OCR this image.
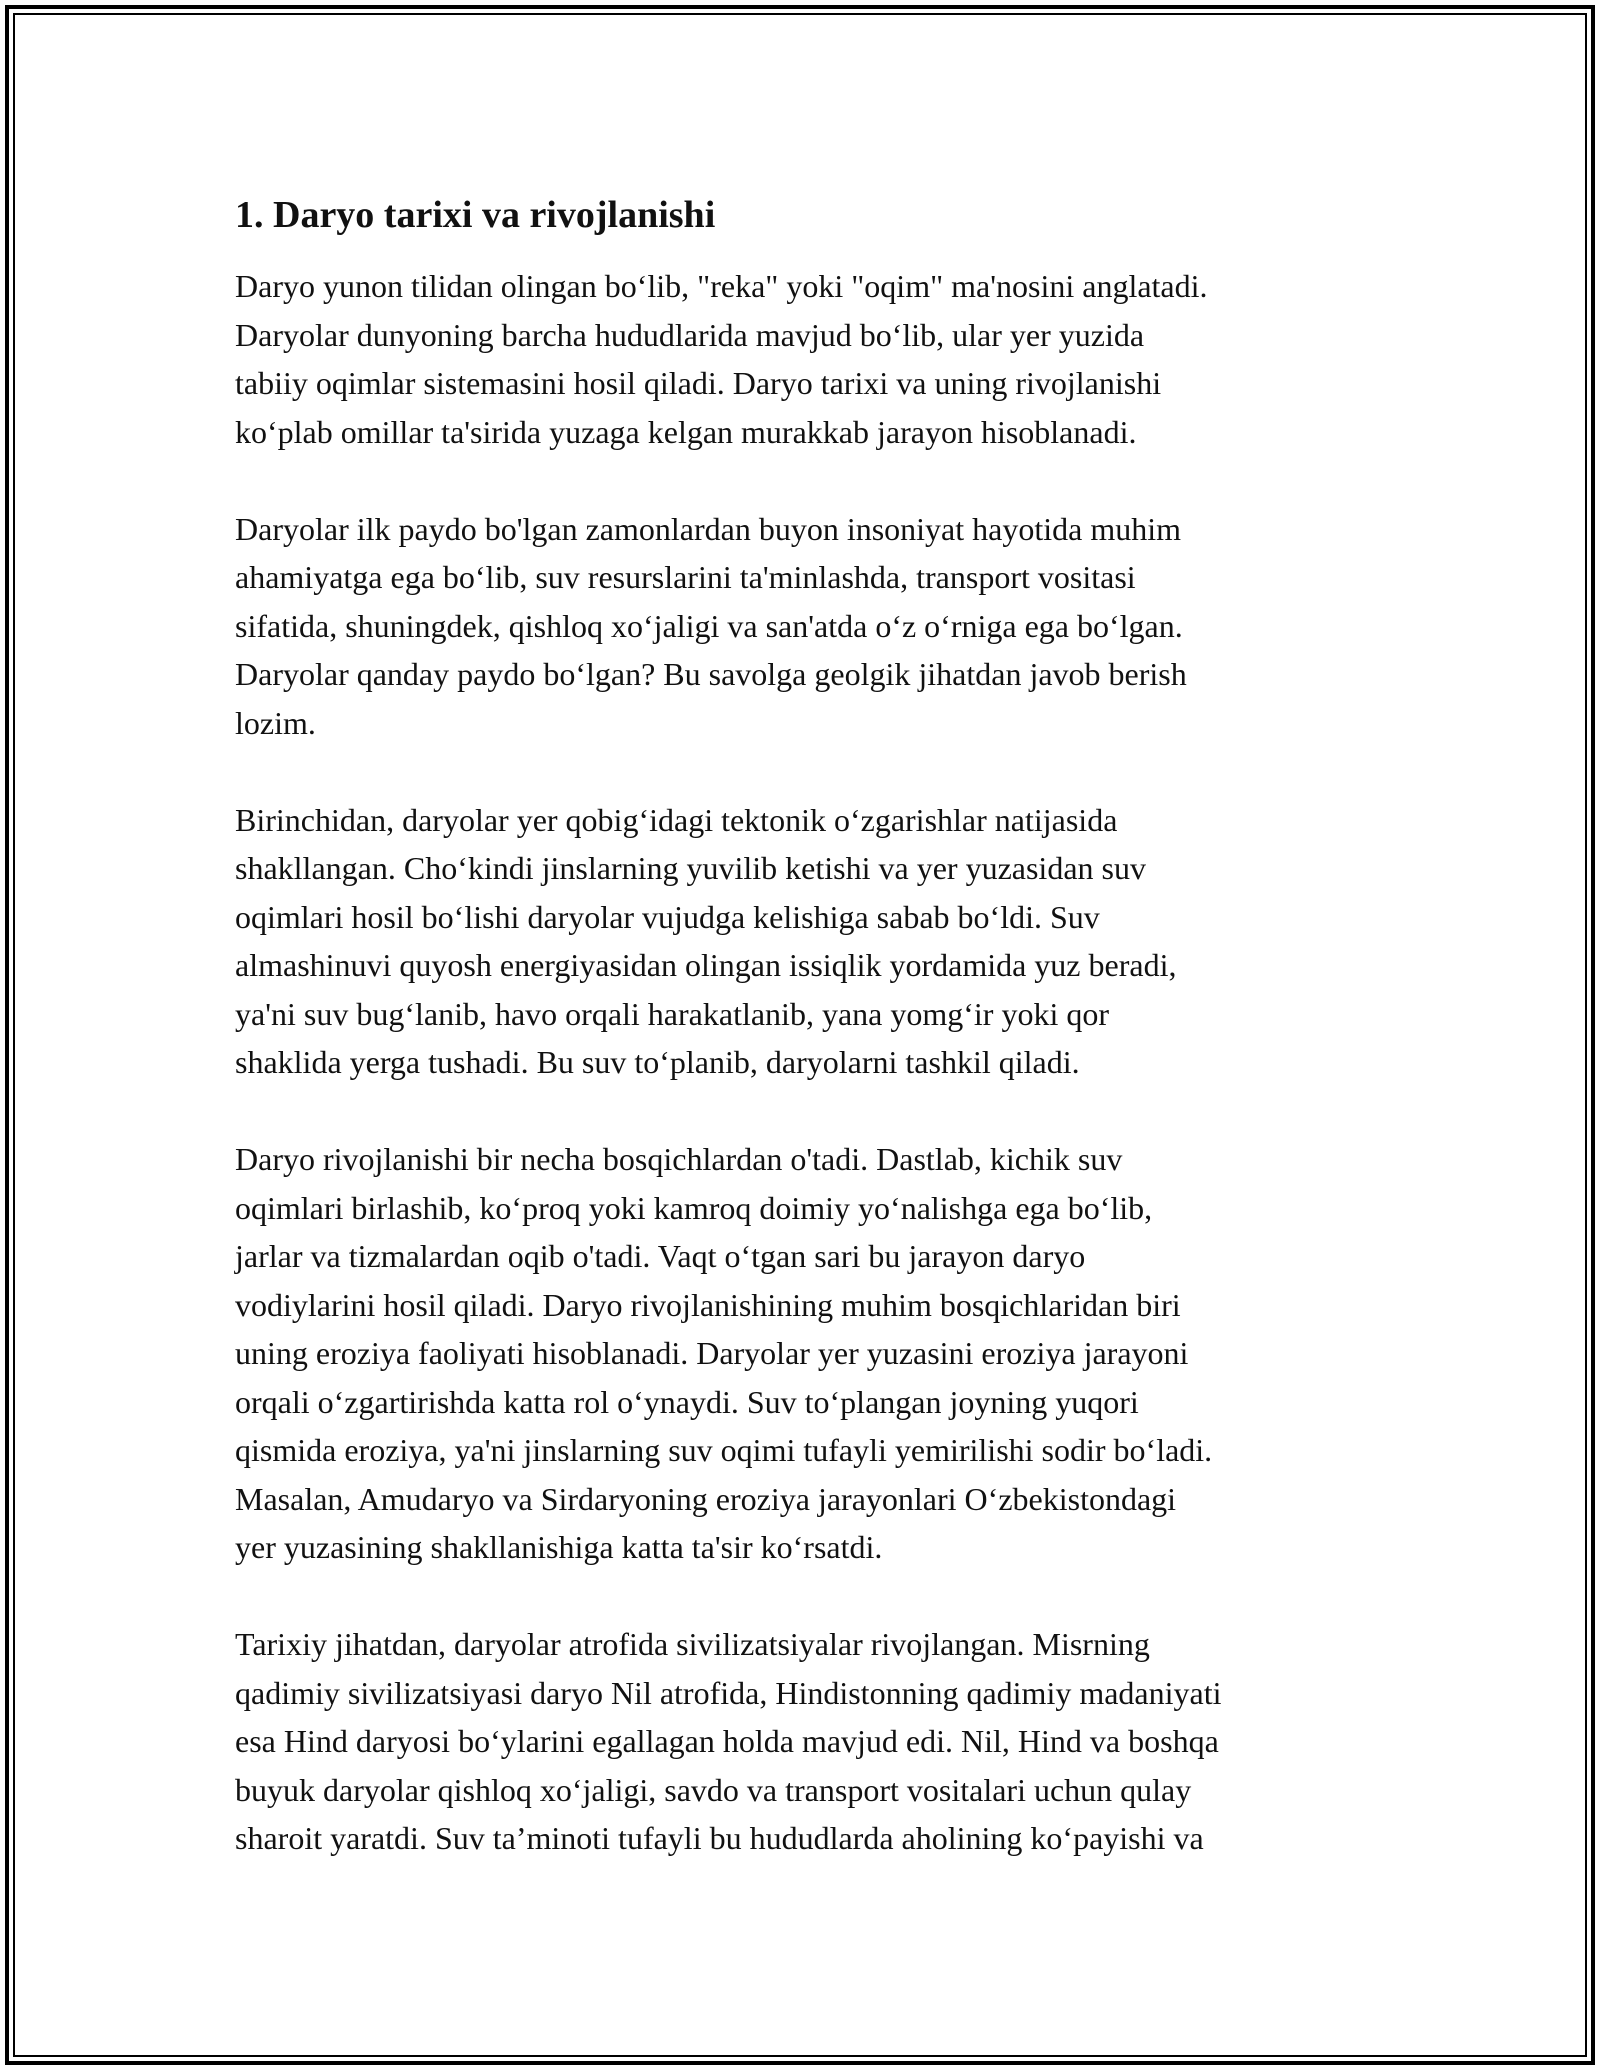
1. Daryo tarixi va rivojlanishi

Daryo yunon tilidan olingan bo‘lib, "reka" yoki "oqim" ma'nosini anglatadi.
Daryolar dunyoning barcha hududlarida mavjud bo‘lib, ular yer yuzida
tabiiy oqimlar sistemasini hosil qiladi. Daryo tarixi va uning rivojlanishi
ko‘plab omillar ta'sirida yuzaga kelgan murakkab jarayon hisoblanadi.

Daryolar ilk paydo bo'lgan zamonlardan buyon insoniyat hayotida muhim
ahamiyatga ega bo‘lib, suv resurslarini ta'minlashda, transport vositasi
sifatida, shuningdek, qishloq xo‘jaligi va san'atda o‘z o‘rniga ega bo‘lgan.
Daryolar qanday paydo bo‘lgan? Bu savolga geolgik jihatdan javob berish
lozim.

Birinchidan, daryolar yer qobig‘idagi tektonik o‘zgarishlar natijasida
shakllangan. Cho‘kindi jinslarning yuvilib ketishi va yer yuzasidan suv
oqimlari hosil bo‘lishi daryolar vujudga kelishiga sabab bo‘ldi. Suv
almashinuvi quyosh energiyasidan olingan issiqlik yordamida yuz beradi,
ya'ni suv bug‘lanib, havo orqali harakatlanib, yana yomg‘ir yoki qor
shaklida yerga tushadi. Bu suv to‘planib, daryolarni tashkil qiladi.

Daryo rivojlanishi bir necha bosqichlardan o'tadi. Dastlab, kichik suv
oqimlari birlashib, ko‘proq yoki kamroq doimiy yo‘nalishga ega bo‘lib,
jarlar va tizmalardan oqib o'tadi. Vaqt o‘tgan sari bu jarayon daryo
vodiylarini hosil qiladi. Daryo rivojlanishining muhim bosqichlaridan biri
uning eroziya faoliyati hisoblanadi. Daryolar yer yuzasini eroziya jarayoni
orqali o‘zgartirishda katta rol o‘ynaydi. Suv to‘plangan joyning yuqori
qismida eroziya, ya'ni jinslarning suv oqimi tufayli yemirilishi sodir bo‘ladi.
Masalan, Amudaryo va Sirdaryoning eroziya jarayonlari O‘zbekistondagi
yer yuzasining shakllanishiga katta ta'sir ko‘rsatdi.

Tarixiy jihatdan, daryolar atrofida sivilizatsiyalar rivojlangan. Misrning
qadimiy sivilizatsiyasi daryo Nil atrofida, Hindistonning qadimiy madaniyati
esa Hind daryosi bo‘ylarini egallagan holda mavjud edi. Nil, Hind va boshqa
buyuk daryolar qishloq xo‘jaligi, savdo va transport vositalari uchun qulay
sharoit yaratdi. Suv ta’minoti tufayli bu hududlarda aholining ko‘payishi va
